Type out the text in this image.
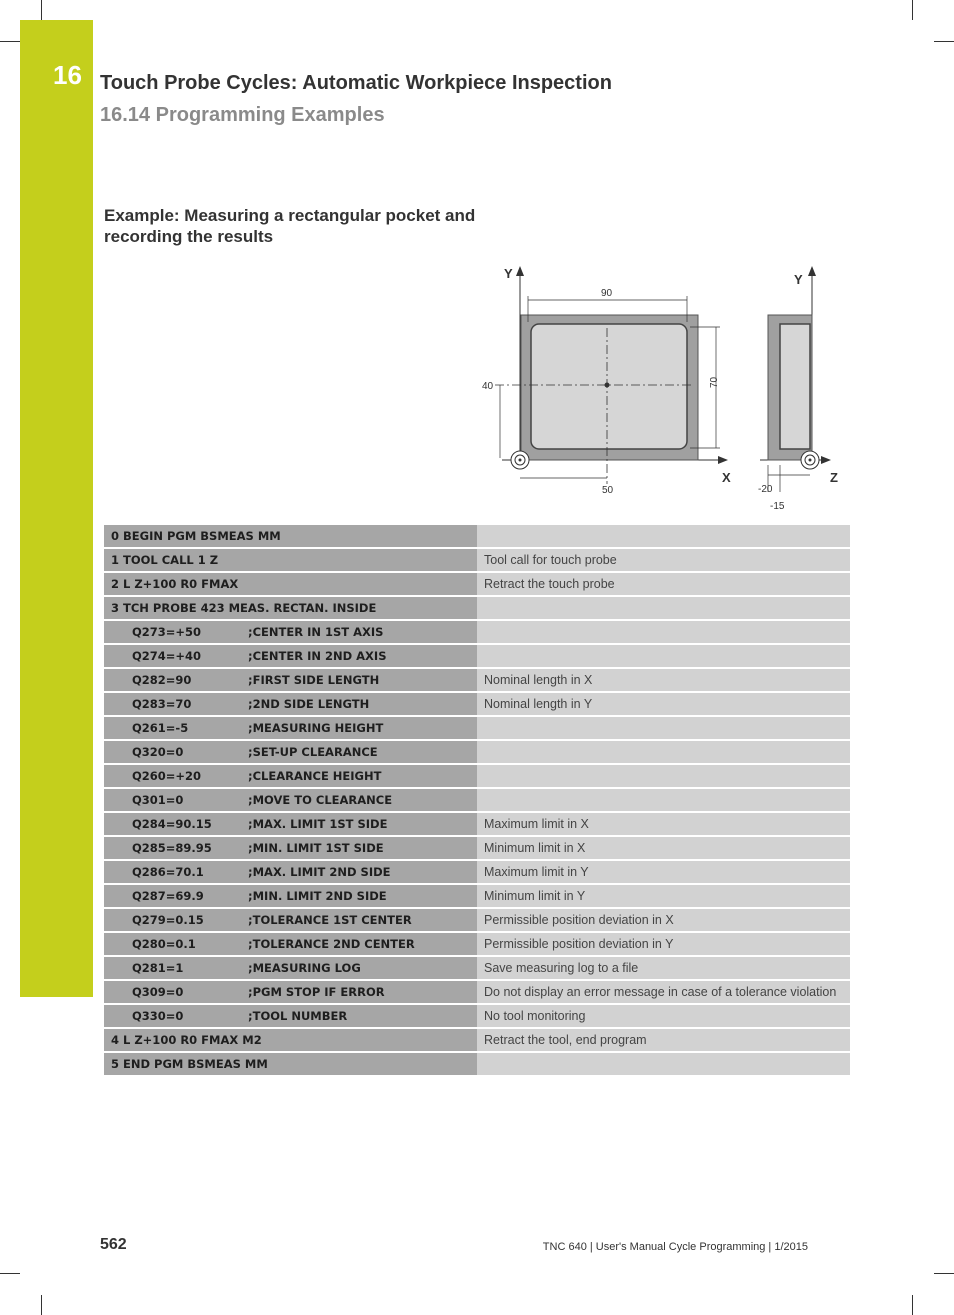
16 Touch Probe Cycles: Automatic Workpiece Inspection
16.14 Programming Examples
Example: Measuring a rectangular pocket and recording the results
Y
X
90
70
40
50
Y
Z
-20
-15
0 BEGIN PGM BSMEAS MM	
1 TOOL CALL 1 Z	Tool call for touch probe
2 L Z+100 R0 FMAX	Retract the touch probe
3 TCH PROBE 423 MEAS. RECTAN. INSIDE	
Q273=+50 ;CENTER IN 1ST AXIS	
Q274=+40 ;CENTER IN 2ND AXIS	
Q282=90 ;FIRST SIDE LENGTH	Nominal length in X
Q283=70 ;2ND SIDE LENGTH	Nominal length in Y
Q261=-5 ;MEASURING HEIGHT	
Q320=0 ;SET-UP CLEARANCE	
Q260=+20 ;CLEARANCE HEIGHT	
Q301=0 ;MOVE TO CLEARANCE	
Q284=90.15 ;MAX. LIMIT 1ST SIDE	Maximum limit in X
Q285=89.95 ;MIN. LIMIT 1ST SIDE	Minimum limit in X
Q286=70.1 ;MAX. LIMIT 2ND SIDE	Maximum limit in Y
Q287=69.9 ;MIN. LIMIT 2ND SIDE	Minimum limit in Y
Q279=0.15 ;TOLERANCE 1ST CENTER	Permissible position deviation in X
Q280=0.1 ;TOLERANCE 2ND CENTER	Permissible position deviation in Y
Q281=1 ;MEASURING LOG	Save measuring log to a file
Q309=0 ;PGM STOP IF ERROR	Do not display an error message in case of a tolerance violation
Q330=0 ;TOOL NUMBER	No tool monitoring
4 L Z+100 R0 FMAX M2	Retract the tool, end program
5 END PGM BSMEAS MM	
562	TNC 640 | User's Manual Cycle Programming | 1/2015
